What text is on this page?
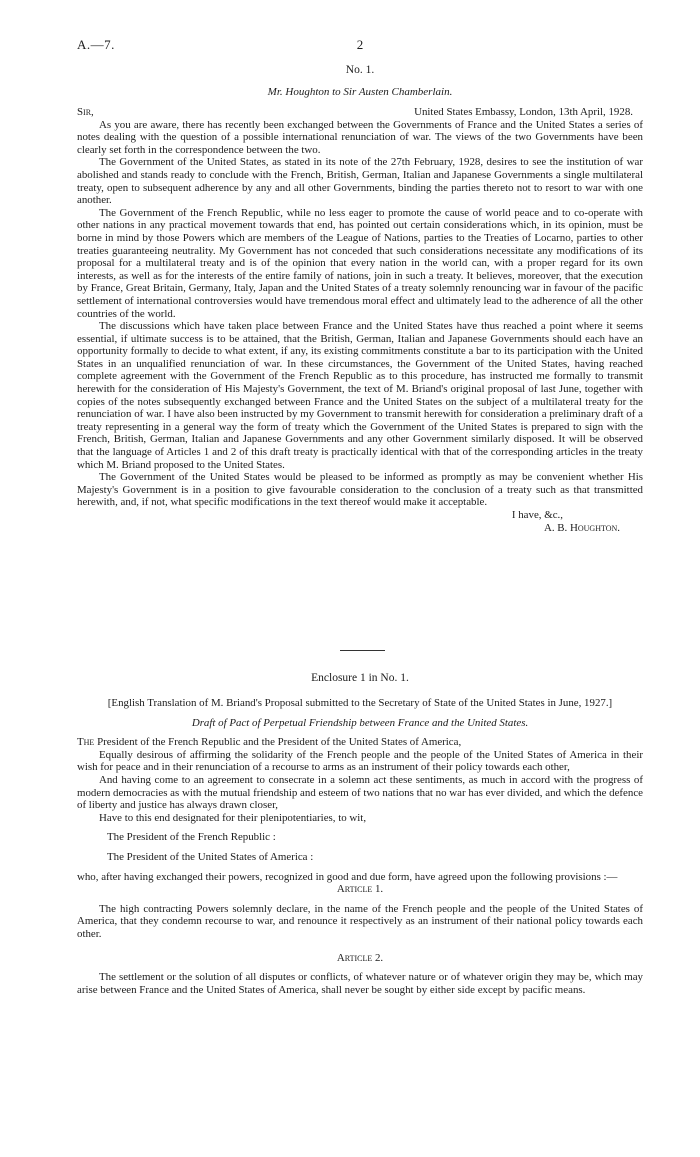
A.—7.	2
No. 1.
Mr. Houghton to Sir Austen Chamberlain.
Sir,	United States Embassy, London, 13th April, 1928.

As you are aware, there has recently been exchanged between the Governments of France and the United States a series of notes dealing with the question of a possible international renunciation of war. The views of the two Governments have been clearly set forth in the correspondence between the two.

The Government of the United States, as stated in its note of the 27th February, 1928, desires to see the institution of war abolished and stands ready to conclude with the French, British, German, Italian and Japanese Governments a single multilateral treaty, open to subsequent adherence by any and all other Governments, binding the parties thereto not to resort to war with one another.

The Government of the French Republic, while no less eager to promote the cause of world peace and to co-operate with other nations in any practical movement towards that end, has pointed out certain considerations which, in its opinion, must be borne in mind by those Powers which are members of the League of Nations, parties to the Treaties of Locarno, parties to other treaties guaranteeing neutrality. My Government has not conceded that such considerations necessitate any modifications of its proposal for a multilateral treaty and is of the opinion that every nation in the world can, with a proper regard for its own interests, as well as for the interests of the entire family of nations, join in such a treaty. It believes, moreover, that the execution by France, Great Britain, Germany, Italy, Japan and the United States of a treaty solemnly renouncing war in favour of the pacific settlement of international controversies would have tremendous moral effect and ultimately lead to the adherence of all the other countries of the world.

The discussions which have taken place between France and the United States have thus reached a point where it seems essential, if ultimate success is to be attained, that the British, German, Italian and Japanese Governments should each have an opportunity formally to decide to what extent, if any, its existing commitments constitute a bar to its participation with the United States in an unqualified renunciation of war. In these circumstances, the Government of the United States, having reached complete agreement with the Government of the French Republic as to this procedure, has instructed me formally to transmit herewith for the consideration of His Majesty's Government, the text of M. Briand's original proposal of last June, together with copies of the notes subsequently exchanged between France and the United States on the subject of a multilateral treaty for the renunciation of war. I have also been instructed by my Government to transmit herewith for consideration a preliminary draft of a treaty representing in a general way the form of treaty which the Government of the United States is prepared to sign with the French, British, German, Italian and Japanese Governments and any other Government similarly disposed. It will be observed that the language of Articles 1 and 2 of this draft treaty is practically identical with that of the corresponding articles in the treaty which M. Briand proposed to the United States.

The Government of the United States would be pleased to be informed as promptly as may be convenient whether His Majesty's Government is in a position to give favourable consideration to the conclusion of a treaty such as that transmitted herewith, and, if not, what specific modifications in the text thereof would make it acceptable.

I have, &c.,
A. B. Houghton.

Enclosure 1 in No. 1.

[English Translation of M. Briand's Proposal submitted to the Secretary of State of the United States in June, 1927.]

Draft of Pact of Perpetual Friendship between France and the United States.

The President of the French Republic and the President of the United States of America,

Equally desirous of affirming the solidarity of the French people and the people of the United States of America in their wish for peace and in their renunciation of a recourse to arms as an instrument of their policy towards each other,

And having come to an agreement to consecrate in a solemn act these sentiments, as much in accord with the progress of modern democracies as with the mutual friendship and esteem of two nations that no war has ever divided, and which the defence of liberty and justice has always drawn closer,

Have to this end designated for their plenipotentiaries, to wit,

The President of the French Republic :

The President of the United States of America :

who, after having exchanged their powers, recognized in good and due form, have agreed upon the following provisions :—

Article 1.

The high contracting Powers solemnly declare, in the name of the French people and the people of the United States of America, that they condemn recourse to war, and renounce it respectively as an instrument of their national policy towards each other.

Article 2.

The settlement or the solution of all disputes or conflicts, of whatever nature or of whatever origin they may be, which may arise between France and the United States of America, shall never be sought by either side except by pacific means.
